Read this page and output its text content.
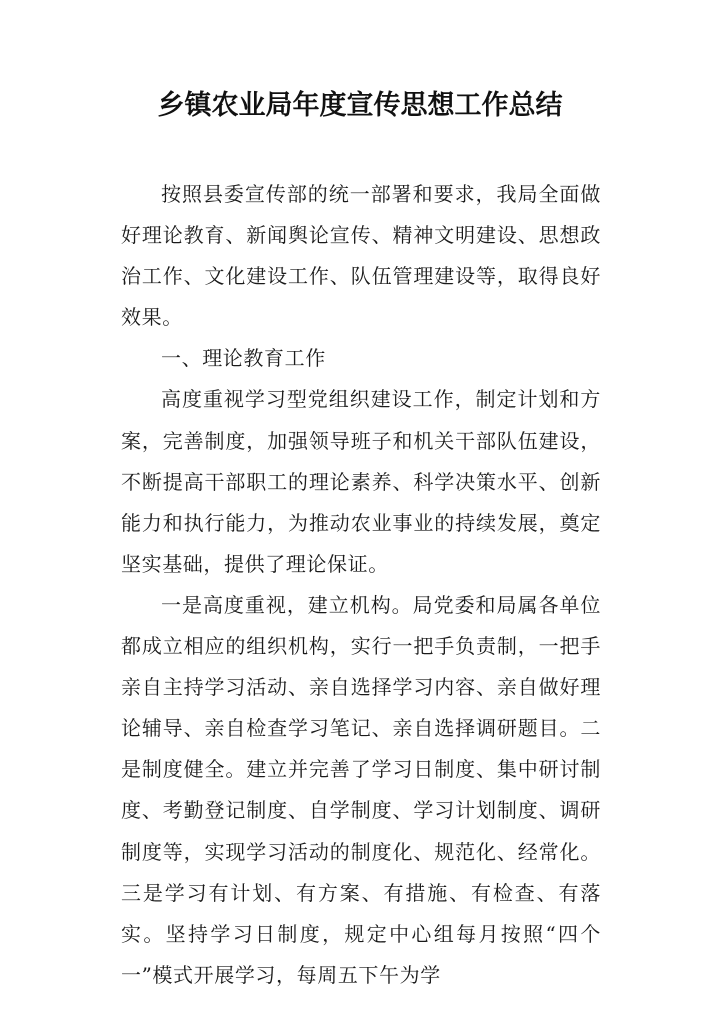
乡镇农业局年度宣传思想工作总结

按照县委宣传部的统一部署和要求，我局全面做好理论教育、新闻舆论宣传、精神文明建设、思想政治工作、文化建设工作、队伍管理建设等，取得良好效果。

一、理论教育工作

高度重视学习型党组织建设工作，制定计划和方案，完善制度，加强领导班子和机关干部队伍建设，不断提高干部职工的理论素养、科学决策水平、创新能力和执行能力，为推动农业事业的持续发展，奠定坚实基础，提供了理论保证。

一是高度重视，建立机构。局党委和局属各单位都成立相应的组织机构，实行一把手负责制，一把手亲自主持学习活动、亲自选择学习内容、亲自做好理论辅导、亲自检查学习笔记、亲自选择调研题目。二是制度健全。建立并完善了学习日制度、集中研讨制度、考勤登记制度、自学制度、学习计划制度、调研制度等，实现学习活动的制度化、规范化、经常化。三是学习有计划、有方案、有措施、有检查、有落实。坚持学习日制度，规定中心组每月按照“四个一”模式开展学习，每周五下午为学
